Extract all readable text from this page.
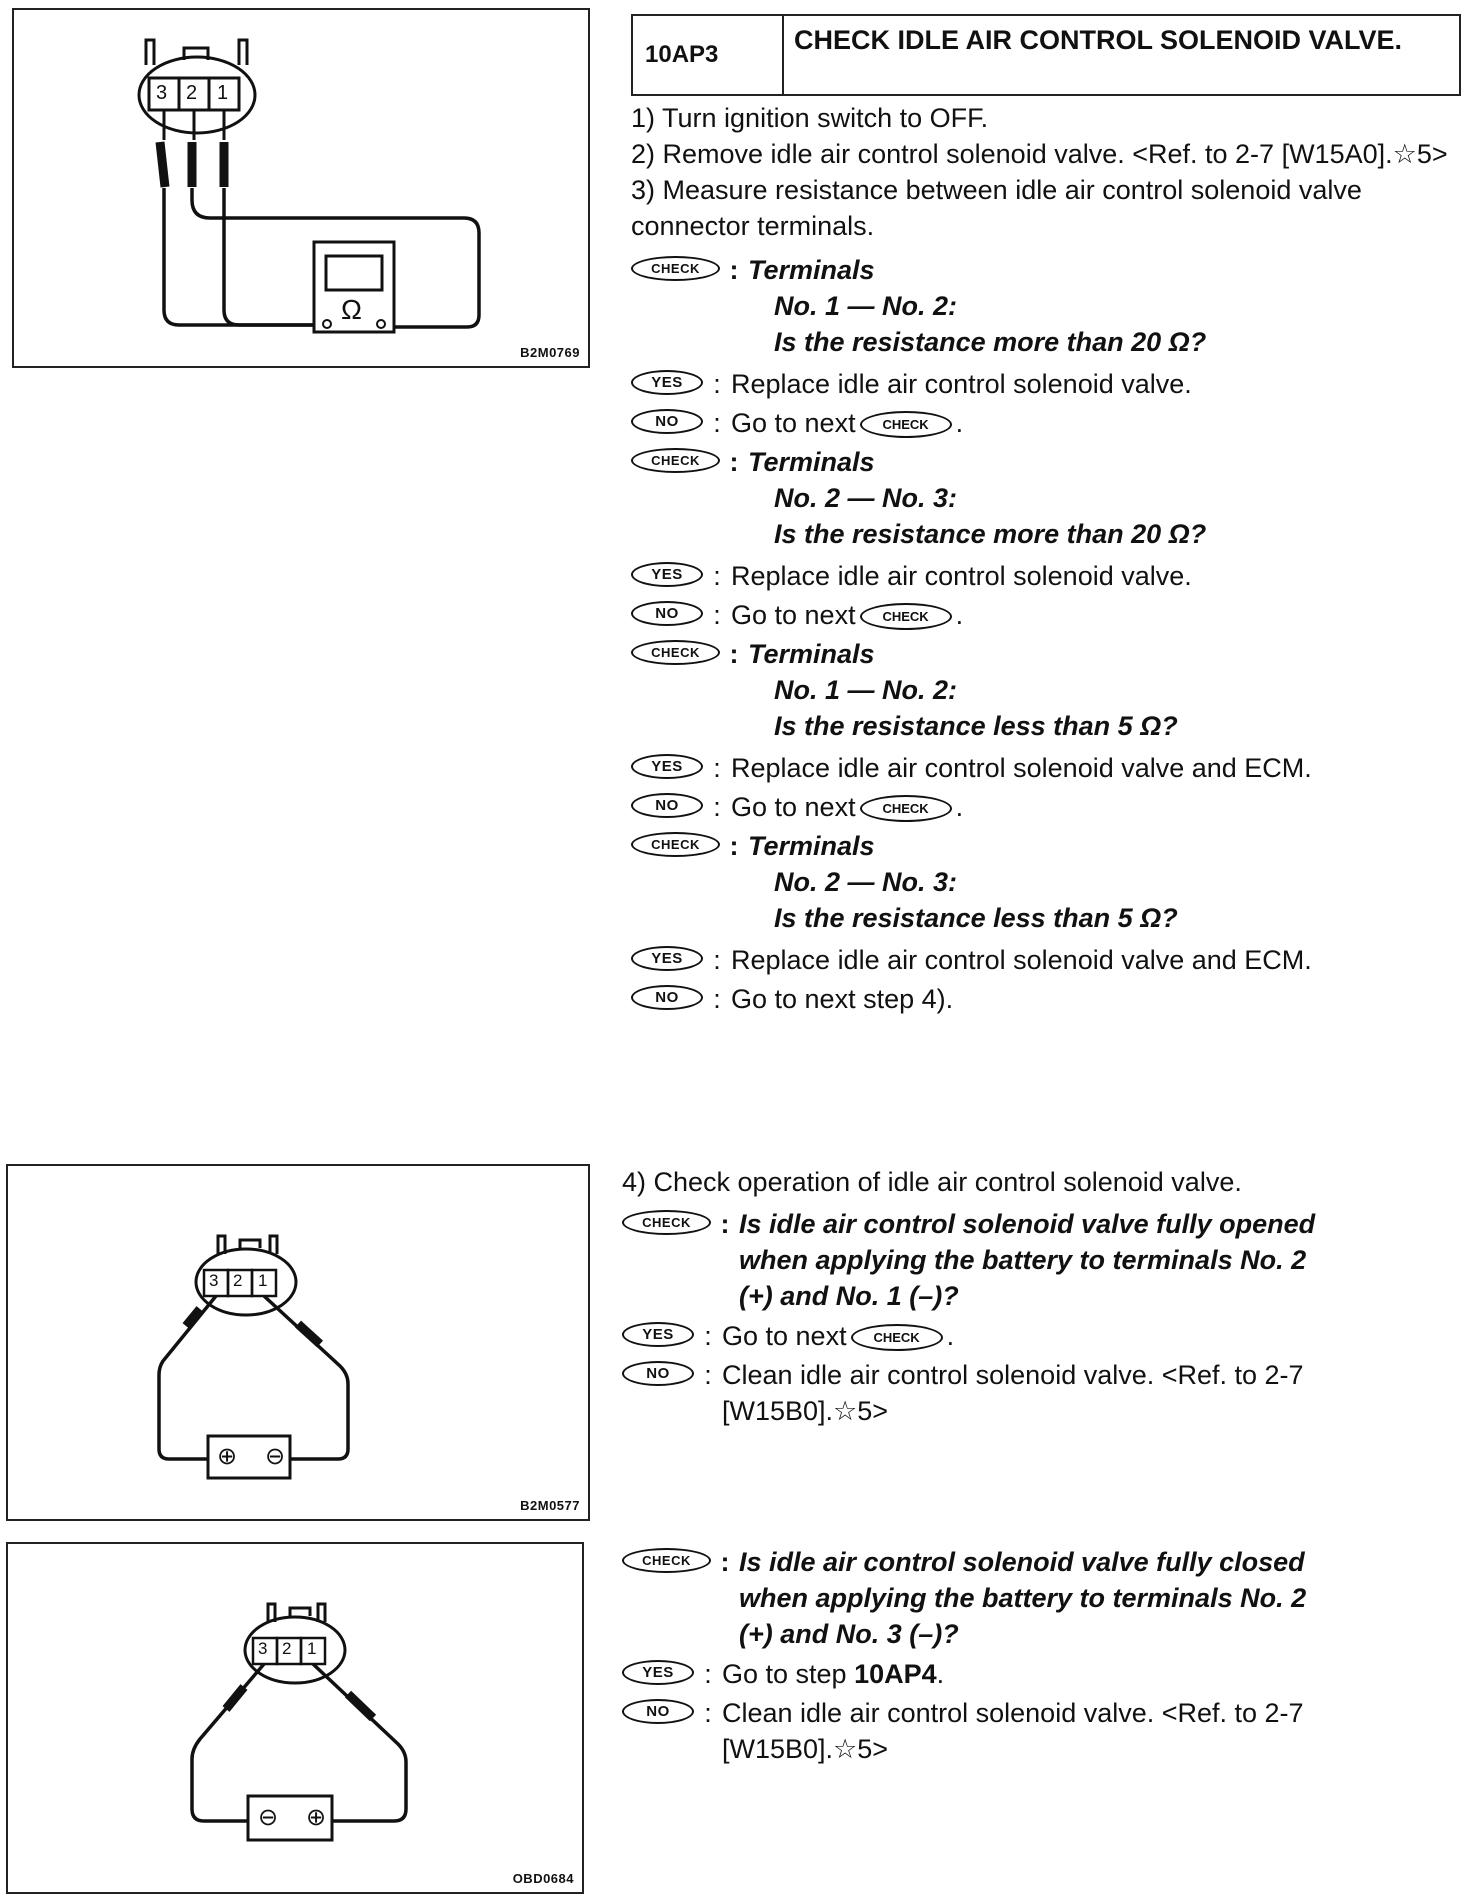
3 2 1
Ω
B2M0769
3 2 1
⊕ ⊖
B2M0577
3 2 1
⊖ ⊕
OBD0684
10AP3	CHECK IDLE AIR CONTROL SOLENOID VALVE.

1) Turn ignition switch to OFF.

2) Remove idle air control solenoid valve. <Ref. to 2-7 [W15A0].☆5>

3) Measure resistance between idle air control solenoid valve connector terminals.

CHECK	: Terminals
No. 1 — No. 2:
Is the resistance more than 20 Ω?
YES	: Replace idle air control solenoid valve.
NO	: Go to next CHECK .
CHECK	: Terminals
No. 2 — No. 3:
Is the resistance more than 20 Ω?
YES	: Replace idle air control solenoid valve.
NO	: Go to next CHECK .
CHECK	: Terminals
No. 1 — No. 2:
Is the resistance less than 5 Ω?
YES	: Replace idle air control solenoid valve and ECM.
NO	: Go to next CHECK .
CHECK	: Terminals
No. 2 — No. 3:
Is the resistance less than 5 Ω?
YES	: Replace idle air control solenoid valve and ECM.
NO	: Go to next step 4).

4) Check operation of idle air control solenoid valve.

CHECK	: Is idle air control solenoid valve fully opened
when applying the battery to terminals No. 2
(+) and No. 1 (–)?
YES	: Go to next CHECK .
NO	: Clean idle air control solenoid valve. <Ref. to 2-7 [W15B0].☆5>
CHECK	: Is idle air control solenoid valve fully closed
when applying the battery to terminals No. 2
(+) and No. 3 (–)?
YES	: Go to step 10AP4.
NO	: Clean idle air control solenoid valve. <Ref. to 2-7 [W15B0].☆5>
